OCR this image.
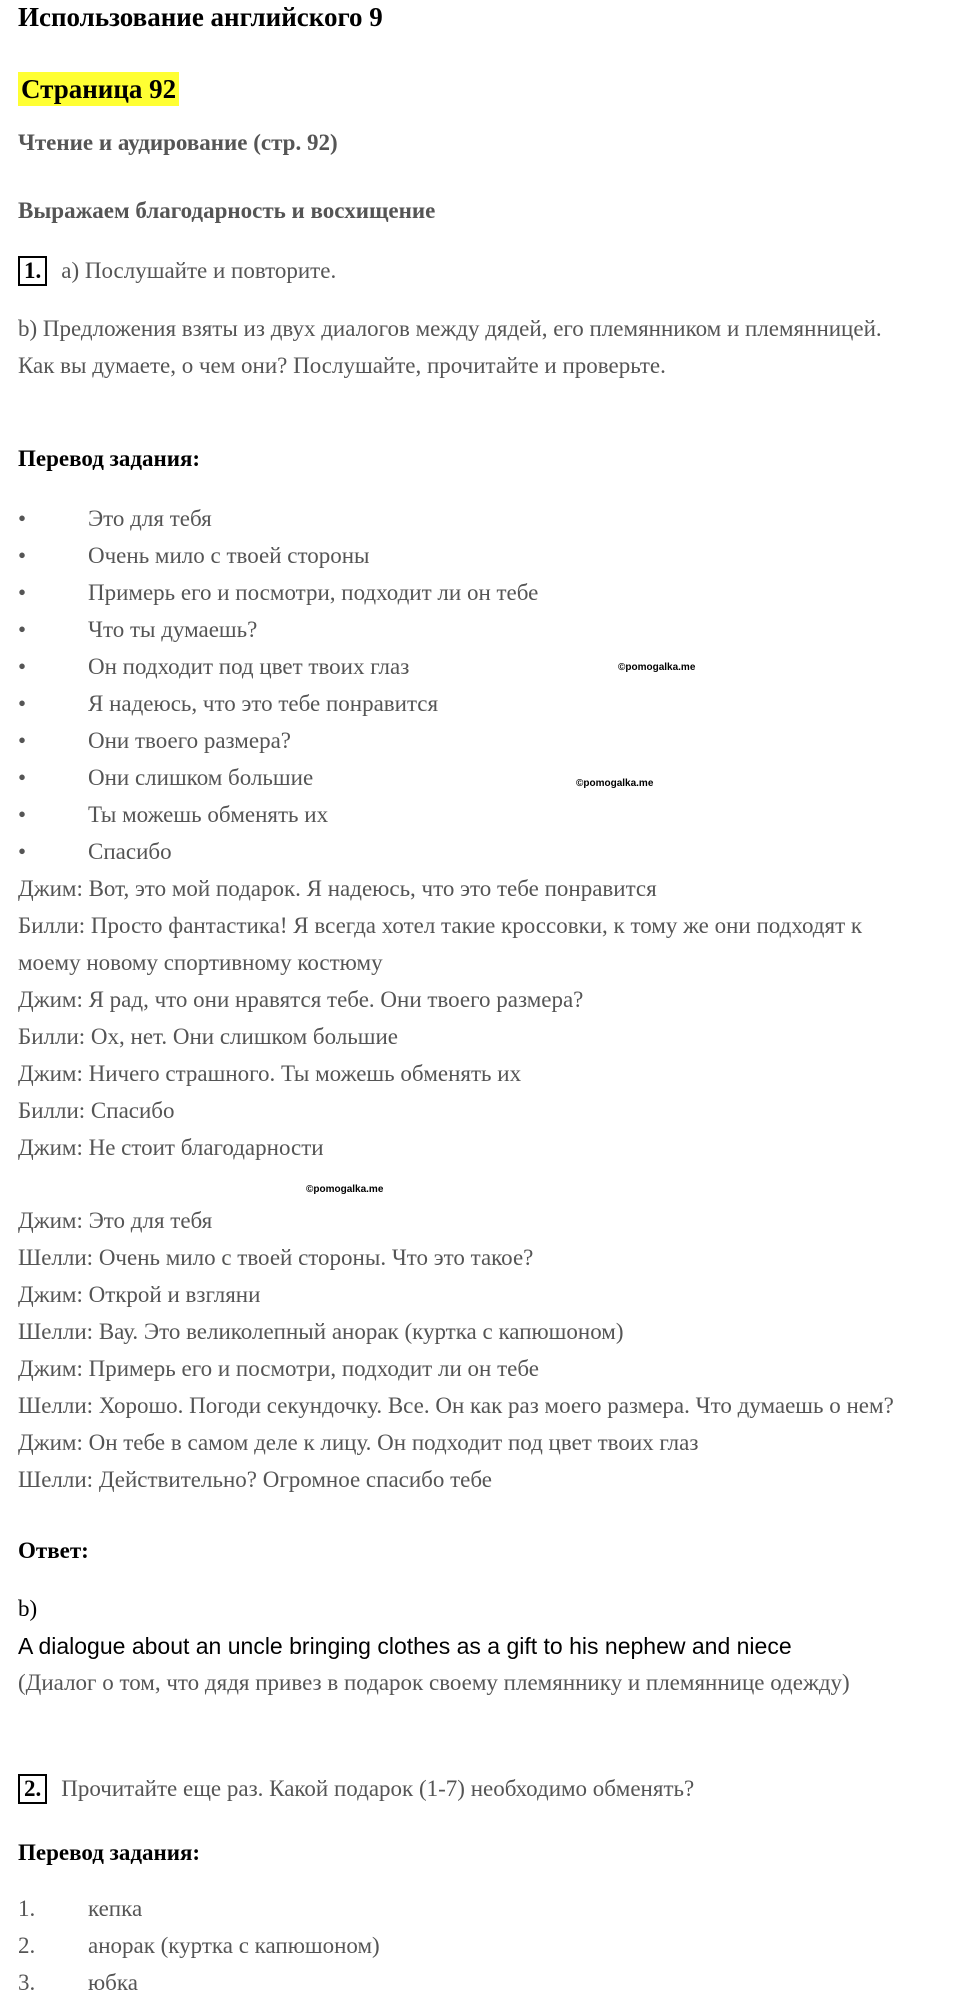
Использование английского 9
Страница 92
Чтение и аудирование (стр. 92)
Выражаем благодарность и восхищение
1. a) Послушайте и повторите.
b) Предложения взяты из двух диалогов между дядей, его племянником и племянницей. Как вы думаете, о чем они? Послушайте, прочитайте и проверьте.
Перевод задания:
•	Это для тебя
•	Очень мило с твоей стороны
•	Примерь его и посмотри, подходит ли он тебе
•	Что ты думаешь?
•	Он подходит под цвет твоих глаз
•	Я надеюсь, что это тебе понравится
•	Они твоего размера?
•	Они слишком большие
•	Ты можешь обменять их
•	Спасибо
Джим: Вот, это мой подарок. Я надеюсь, что это тебе понравится
Билли: Просто фантастика! Я всегда хотел такие кроссовки, к тому же они подходят к моему новому спортивному костюму
Джим: Я рад, что они нравятся тебе. Они твоего размера?
Билли: Ох, нет. Они слишком большие
Джим: Ничего страшного. Ты можешь обменять их
Билли: Спасибо
Джим: Не стоит благодарности
Джим: Это для тебя
Шелли: Очень мило с твоей стороны. Что это такое?
Джим: Открой и взгляни
Шелли: Вау. Это великолепный анорак (куртка с капюшоном)
Джим: Примерь его и посмотри, подходит ли он тебе
Шелли: Хорошо. Погоди секундочку. Все. Он как раз моего размера. Что думаешь о нем?
Джим: Он тебе в самом деле к лицу. Он подходит под цвет твоих глаз
Шелли: Действительно? Огромное спасибо тебе
Ответ:
b)
A dialogue about an uncle bringing clothes as a gift to his nephew and niece
(Диалог о том, что дядя привез в подарок своему племяннику и племяннице одежду)
2. Прочитайте еще раз. Какой подарок (1-7) необходимо обменять?
Перевод задания:
1. кепка
2. анорак (куртка с капюшоном)
3. юбка
©pomogalka.me
©pomogalka.me
©pomogalka.me
